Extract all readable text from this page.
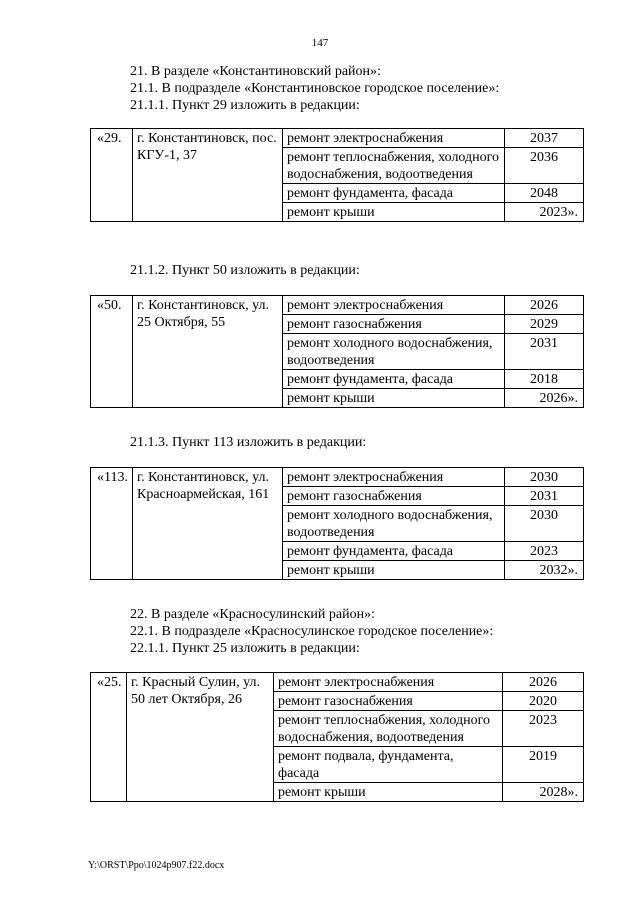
147
21. В разделе «Константиновский район»:
21.1. В подразделе «Константиновское городское поселение»:
21.1.1. Пункт 29 изложить в редакции:
«29.	г. Константиновск, пос. КГУ-1, 37	ремонт электроснабжения	2037
		ремонт теплоснабжения, холодного водоснабжения, водоотведения	2036
		ремонт фундамента, фасада	2048
		ремонт крыши	2023».
21.1.2. Пункт 50 изложить в редакции:
«50.	г. Константиновск, ул. 25 Октября, 55	ремонт электроснабжения	2026
		ремонт газоснабжения	2029
		ремонт холодного водоснабжения, водоотведения	2031
		ремонт фундамента, фасада	2018
		ремонт крыши	2026».
21.1.3. Пункт 113 изложить в редакции:
«113.	г. Константиновск, ул. Красноармейская, 161	ремонт электроснабжения	2030
		ремонт газоснабжения	2031
		ремонт холодного водоснабжения, водоотведения	2030
		ремонт фундамента, фасада	2023
		ремонт крыши	2032».
22. В разделе «Красносулинский район»:
22.1. В подразделе «Красносулинское городское поселение»:
22.1.1. Пункт 25 изложить в редакции:
«25.	г. Красный Сулин, ул. 50 лет Октября, 26	ремонт электроснабжения	2026
		ремонт газоснабжения	2020
		ремонт теплоснабжения, холодного водоснабжения, водоотведения	2023
		ремонт подвала, фундамента, фасада	2019
		ремонт крыши	2028».
Y:\ORST\Ppo\1024p907.f22.docx
